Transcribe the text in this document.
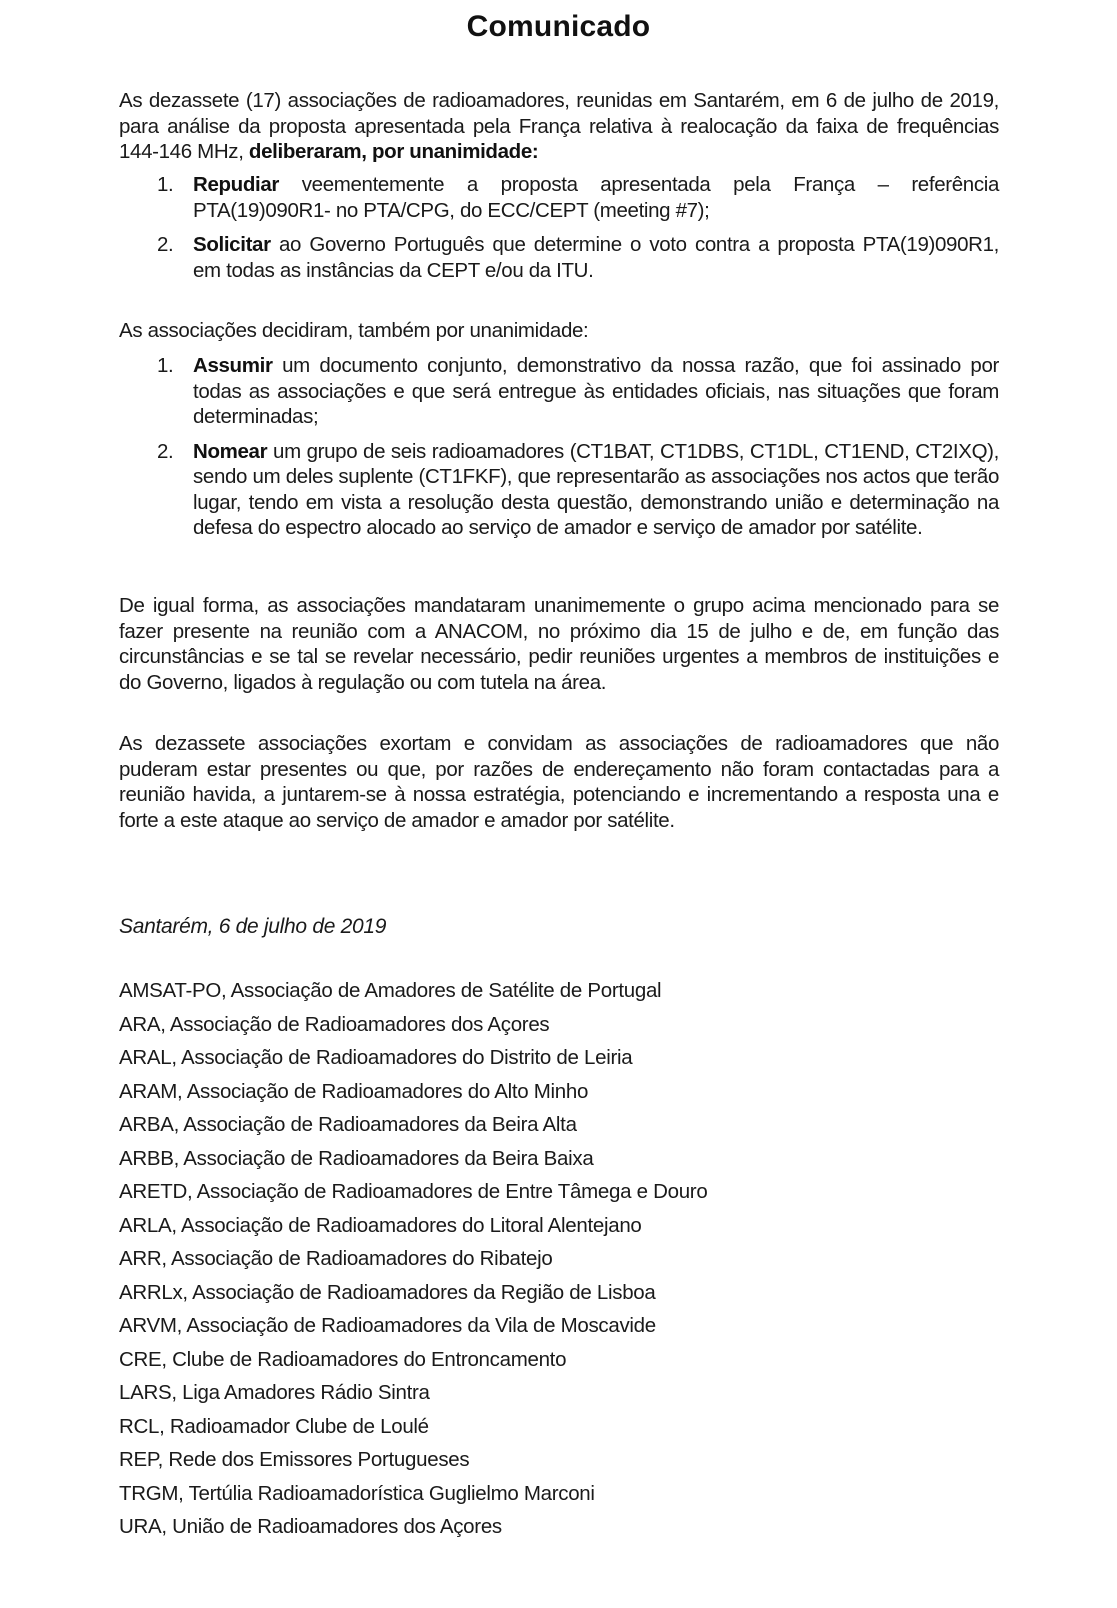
Comunicado
As dezassete (17) associações de radioamadores, reunidas em Santarém, em 6 de julho de 2019, para análise da proposta apresentada pela França relativa à realocação da faixa de frequências 144-146 MHz, deliberaram, por unanimidade:
1. Repudiar veementemente a proposta apresentada pela França – referência PTA(19)090R1- no PTA/CPG, do ECC/CEPT (meeting #7);
2. Solicitar ao Governo Português que determine o voto contra a proposta PTA(19)090R1, em todas as instâncias da CEPT e/ou da ITU.
As associações decidiram, também por unanimidade:
1. Assumir um documento conjunto, demonstrativo da nossa razão, que foi assinado por todas as associações e que será entregue às entidades oficiais, nas situações que foram determinadas;
2. Nomear um grupo de seis radioamadores (CT1BAT, CT1DBS, CT1DL, CT1END, CT2IXQ), sendo um deles suplente (CT1FKF), que representarão as associações nos actos que terão lugar, tendo em vista a resolução desta questão, demonstrando união e determinação na defesa do espectro alocado ao serviço de amador e serviço de amador por satélite.
De igual forma, as associações mandataram unanimemente o grupo acima mencionado para se fazer presente na reunião com a ANACOM, no próximo dia 15 de julho e de, em função das circunstâncias e se tal se revelar necessário, pedir reuniões urgentes a membros de instituições e do Governo, ligados à regulação ou com tutela na área.
As dezassete associações exortam e convidam as associações de radioamadores que não puderam estar presentes ou que, por razões de endereçamento não foram contactadas para a reunião havida, a juntarem-se à nossa estratégia, potenciando e incrementando a resposta una e forte a este ataque ao serviço de amador e amador por satélite.
Santarém, 6 de julho de 2019
AMSAT-PO, Associação de Amadores de Satélite de Portugal
ARA, Associação de Radioamadores dos Açores
ARAL, Associação de Radioamadores do Distrito de Leiria
ARAM, Associação de Radioamadores do Alto Minho
ARBA, Associação de Radioamadores da Beira Alta
ARBB, Associação de Radioamadores da Beira Baixa
ARETD, Associação de Radioamadores de Entre Tâmega e Douro
ARLA, Associação de Radioamadores do Litoral Alentejano
ARR, Associação de Radioamadores do Ribatejo
ARRLx, Associação de Radioamadores da Região de Lisboa
ARVM, Associação de Radioamadores da Vila de Moscavide
CRE, Clube de Radioamadores do Entroncamento
LARS, Liga Amadores Rádio Sintra
RCL, Radioamador Clube de Loulé
REP, Rede dos Emissores Portugueses
TRGM, Tertúlia Radioamadorística Guglielmo Marconi
URA, União de Radioamadores dos Açores
